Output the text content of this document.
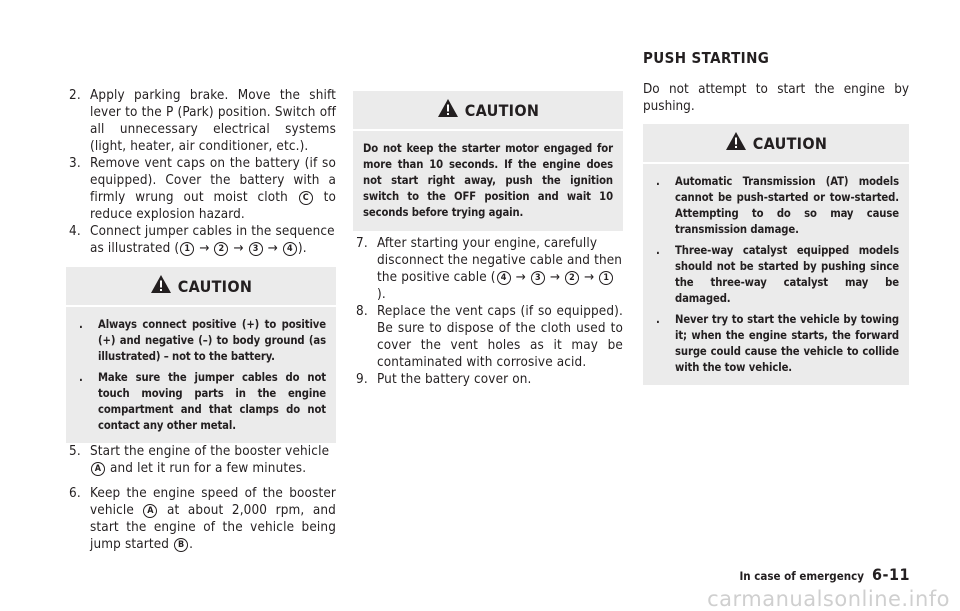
2. Apply parking brake. Move the shift lever to the P (Park) position. Switch off all unnecessary electrical systems (light, heater, air conditioner, etc.).
3. Remove vent caps on the battery (if so equipped). Cover the battery with a firmly wrung out moist cloth C to reduce explosion hazard.
4. Connect jumper cables in the sequence as illustrated ( 1 → 2 → 3 → 4 ).
CAUTION
. Always connect positive (+) to positive (+) and negative (–) to body ground (as illustrated) – not to the battery.
. Make sure the jumper cables do not touch moving parts in the engine compartment and that clamps do not contact any other metal.
5. Start the engine of the booster vehicle A and let it run for a few minutes.
6. Keep the engine speed of the booster vehicle A at about 2,000 rpm, and start the engine of the vehicle being jump started B .
CAUTION

Do not keep the starter motor engaged for more than 10 seconds. If the engine does not start right away, push the ignition switch to the OFF position and wait 10 seconds before trying again.

7. After starting your engine, carefully disconnect the negative cable and then the positive cable ( 4 → 3 → 2 → 1).
8. Replace the vent caps (if so equipped). Be sure to dispose of the cloth used to cover the vent holes as it may be contaminated with corrosive acid.
9. Put the battery cover on.
PUSH STARTING
Do not attempt to start the engine by pushing.
CAUTION
. Automatic Transmission (AT) models cannot be push-started or tow-started. Attempting to do so may cause transmission damage.
. Three-way catalyst equipped models should not be started by pushing since the three-way catalyst may be damaged.
. Never try to start the vehicle by towing it; when the engine starts, the forward surge could cause the vehicle to collide with the tow vehicle.
In case of emergency 6-11
carmanualsonline.info
